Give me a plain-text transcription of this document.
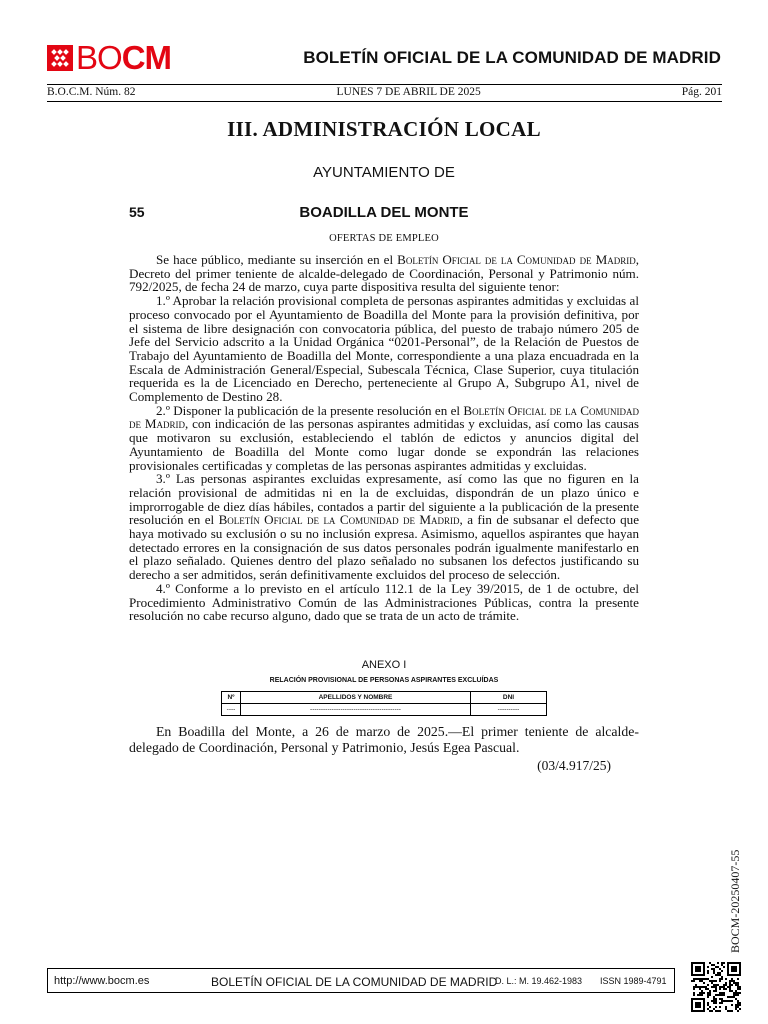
BOCM	BOLETÍN OFICIAL DE LA COMUNIDAD DE MADRID
B.O.C.M. Núm. 82	LUNES 7 DE ABRIL DE 2025	Pág. 201
III. ADMINISTRACIÓN LOCAL
AYUNTAMIENTO DE
55	BOADILLA DEL MONTE
OFERTAS DE EMPLEO

Se hace público, mediante su inserción en el Boletín Oficial de la Comunidad de Madrid, Decreto del primer teniente de alcalde-delegado de Coordinación, Personal y Patrimonio núm. 792/2025, de fecha 24 de marzo, cuya parte dispositiva resulta del siguiente tenor:

1.º Aprobar la relación provisional completa de personas aspirantes admitidas y excluidas al proceso convocado por el Ayuntamiento de Boadilla del Monte para la provisión definitiva, por el sistema de libre designación con convocatoria pública, del puesto de trabajo número 205 de Jefe del Servicio adscrito a la Unidad Orgánica “0201-Personal”, de la Relación de Puestos de Trabajo del Ayuntamiento de Boadilla del Monte, correspondiente a una plaza encuadrada en la Escala de Administración General/Especial, Subescala Técnica, Clase Superior, cuya titulación requerida es la de Licenciado en Derecho, perteneciente al Grupo A, Subgrupo A1, nivel de Complemento de Destino 28.

2.º Disponer la publicación de la presente resolución en el Boletín Oficial de la Comunidad de Madrid, con indicación de las personas aspirantes admitidas y excluidas, así como las causas que motivaron su exclusión, estableciendo el tablón de edictos y anuncios digital del Ayuntamiento de Boadilla del Monte como lugar donde se expondrán las relaciones provisionales certificadas y completas de las personas aspirantes admitidas y excluidas.

3.º Las personas aspirantes excluidas expresamente, así como las que no figuren en la relación provisional de admitidas ni en la de excluidas, dispondrán de un plazo único e improrrogable de diez días hábiles, contados a partir del siguiente a la publicación de la presente resolución en el Boletín Oficial de la Comunidad de Madrid, a fin de subsanar el defecto que haya motivado su exclusión o su no inclusión expresa. Asimismo, aquellos aspirantes que hayan detectado errores en la consignación de sus datos personales podrán igualmente manifestarlo en el plazo señalado. Quienes dentro del plazo señalado no subsanen los defectos justificando su derecho a ser admitidos, serán definitivamente excluidos del proceso de selección.

4.º Conforme a lo previsto en el artículo 112.1 de la Ley 39/2015, de 1 de octubre, del Procedimiento Administrativo Común de las Administraciones Públicas, contra la presente resolución no cabe recurso alguno, dado que se trata de un acto de trámite.

ANEXO I
RELACIÓN PROVISIONAL DE PERSONAS ASPIRANTES EXCLUÍDAS
Nº	APELLIDOS Y NOMBRE	DNI
----	------------------------------------------	----------

En Boadilla del Monte, a 26 de marzo de 2025.—El primer teniente de alcalde-delegado de Coordinación, Personal y Patrimonio, Jesús Egea Pascual.

(03/4.917/25)
BOCM-20250407-55
http://www.bocm.es	BOLETÍN OFICIAL DE LA COMUNIDAD DE MADRID
D. L.: M. 19.462-1983 ISSN 1989-4791
